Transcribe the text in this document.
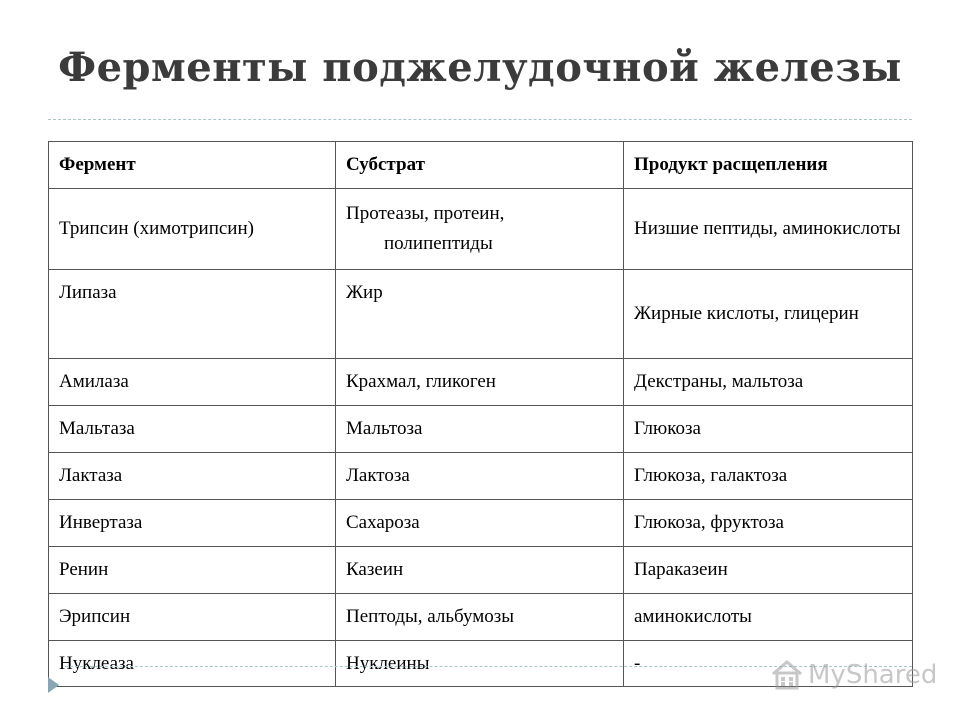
Ферменты поджелудочной железы
Фермент	Субстрат	Продукт расщепления
Трипсин (химотрипсин)	Протеазы, протеин, полипептиды	Низшие пептиды, аминокислоты

Липаза	Жир	Жирные кислоты, глицерин

Амилаза	Крахмал, гликоген	Декстраны, мальтоза
Мальтаза	Мальтоза	Глюкоза
Лактаза	Лактоза	Глюкоза, галактоза
Инвертаза	Сахароза	Глюкоза, фруктоза
Ренин	Казеин	Параказеин
Эрипсин	Пептоды, альбумозы	аминокислоты
Нуклеаза	Нуклеины	-	MyShared
